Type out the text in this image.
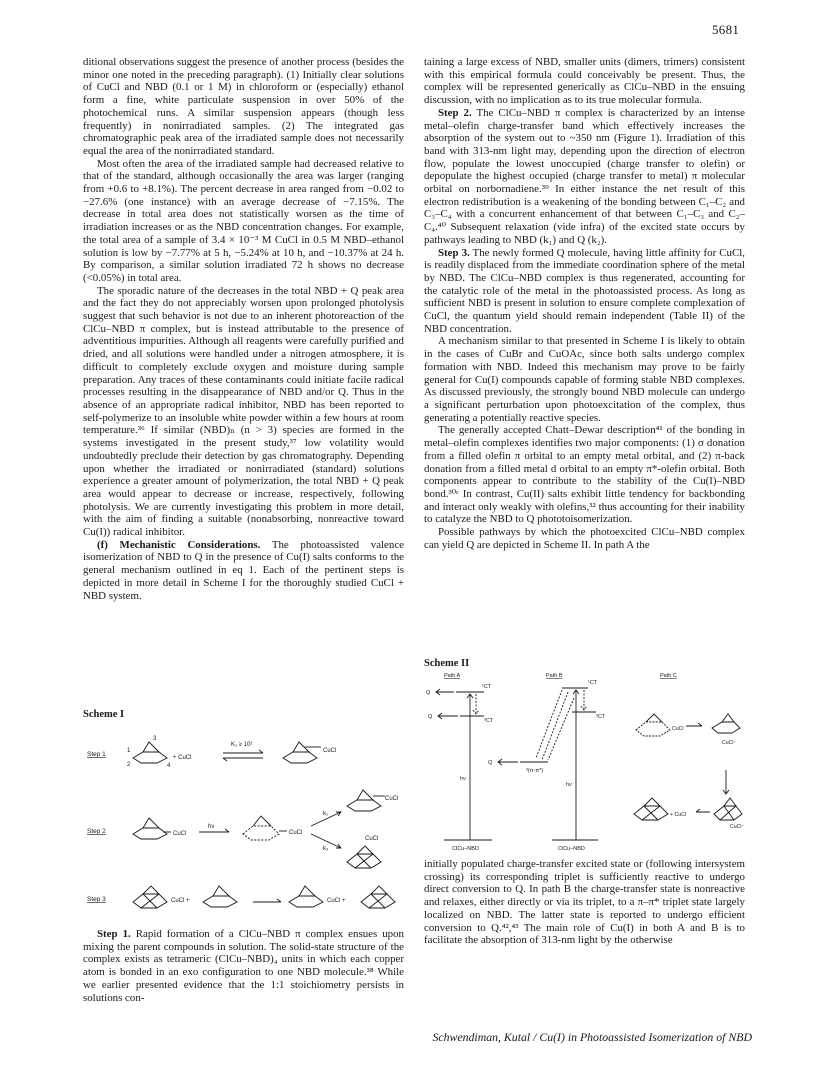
5681

ditional observations suggest the presence of another process (besides the minor one noted in the preceding paragraph). (1) Initially clear solutions of CuCl and NBD (0.1 or 1 M) in chloroform or (especially) ethanol form a fine, white particulate suspension in over 50% of the photochemical runs. A similar suspension appears (though less frequently) in nonirradiated samples. (2) The integrated gas chromatographic peak area of the irradiated sample does not necessarily equal the area of the nonirradiated standard.

Most often the area of the irradiated sample had decreased relative to that of the standard, although occasionally the area was larger (ranging from +0.6 to +8.1%). The percent decrease in area ranged from −0.02 to −27.6% (one instance) with an average decrease of −7.15%. The decrease in total area does not statistically worsen as the time of irradiation increases or as the NBD concentration changes. For example, the total area of a sample of 3.4 × 10⁻³ M CuCl in 0.5 M NBD–ethanol solution is low by −7.77% at 5 h, −5.24% at 10 h, and −10.37% at 24 h. By comparison, a similar solution irradiated 72 h shows no decrease (<0.05%) in total area.

The sporadic nature of the decreases in the total NBD + Q peak area and the fact they do not appreciably worsen upon prolonged photolysis suggest that such behavior is not due to an inherent photoreaction of the ClCu–NBD π complex, but is instead attributable to the presence of adventitious impurities. Although all reagents were carefully purified and dried, and all solutions were handled under a nitrogen atmosphere, it is difficult to completely exclude oxygen and moisture during sample preparation. Any traces of these contaminants could initiate facile radical processes resulting in the disappearance of NBD and/or Q. Thus in the absence of an appropriate radical inhibitor, NBD has been reported to self-polymerize to an insoluble white powder within a few hours at room temperature.³⁶ If similar (NBD)ₙ (n > 3) species are formed in the systems investigated in the present study,³⁷ low volatility would undoubtedly preclude their detection by gas chromatography. Depending upon whether the irradiated or nonirradiated (standard) solutions experience a greater amount of polymerization, the total NBD + Q peak area would appear to decrease or increase, respectively, following photolysis. We are currently investigating this problem in more detail, with the aim of finding a suitable (nonabsorbing, nonreactive toward Cu(I)) radical inhibitor.

(f) Mechanistic Considerations. The photoassisted valence isomerization of NBD to Q in the presence of Cu(I) salts conforms to the general mechanism outlined in eq 1. Each of the pertinent steps is depicted in more detail in Scheme I for the thoroughly studied CuCl + NBD system.

taining a large excess of NBD, smaller units (dimers, trimers) consistent with this empirical formula could conceivably be present. Thus, the complex will be represented generically as ClCu–NBD in the ensuing discussion, with no implication as to its true molecular formula.

Step 2. The ClCu–NBD π complex is characterized by an intense metal–olefin charge-transfer band which effectively increases the absorption of the system out to ~350 nm (Figure 1). Irradiation of this band with 313-nm light may, depending upon the direction of electron flow, populate the lowest unoccupied (charge transfer to olefin) or depopulate the highest occupied (charge transfer to metal) π molecular orbital on norbornadiene.³⁹ In either instance the net result of this electron redistribution is a weakening of the bonding between C₁–C₂ and C₃–C₄ with a concurrent enhancement of that between C₁–C₃ and C₂–C₄.⁴⁰ Subsequent relaxation (vide infra) of the excited state occurs by pathways leading to NBD (k₁) and Q (k₂).

Step 3. The newly formed Q molecule, having little affinity for CuCl, is readily displaced from the immediate coordination sphere of the metal by NBD. The ClCu–NBD complex is thus regenerated, accounting for the catalytic role of the metal in the photoassisted process. As long as sufficient NBD is present in solution to ensure complete complexation of CuCl, the quantum yield should remain independent (Table II) of the NBD concentration.

A mechanism similar to that presented in Scheme I is likely to obtain in the cases of CuBr and CuOAc, since both salts undergo complex formation with NBD. Indeed this mechanism may prove to be fairly general for Cu(I) compounds capable of forming stable NBD complexes. As discussed previously, the strongly bound NBD molecule can undergo a significant perturbation upon photoexcitation of the complex, thus generating a potentially reactive species.

The generally accepted Chatt–Dewar description⁴¹ of the bonding in metal–olefin complexes identifies two major components: (1) σ donation from a filled olefin π orbital to an empty metal orbital, and (2) π-back donation from a filled metal d orbital to an empty π*-olefin orbital. Both components appear to contribute to the stability of the Cu(I)–NBD bond.³⁰ᶜ In contrast, Cu(II) salts exhibit little tendency for backbonding and interact only weakly with olefins,³² thus accounting for their inability to catalyze the NBD to Q phototoisomerization.

Possible pathways by which the photoexcited ClCu–NBD complex can yield Q are depicted in Scheme II. In path A the

Scheme I
Step 1
Step 2
Step 3
1
2
3
4
+ CuCl
K₁ ≥ 10²
CuCl
CuCl
hν
CuCl
k₁
k₂
CuCl
CuCl
CuCl +	CuCl +
Scheme II
Path A	Path B	Path C
Q
Q
¹CT
³CT
hν
ClCu–NBD
Q
¹CT
³CT
³(π-π*)
hν
ClCu–NBD
CuCl
CuCl⁻
+ CuCl
CuCl⁻

Step 1. Rapid formation of a ClCu–NBD π complex ensues upon mixing the parent compounds in solution. The solid-state structure of the complex exists as tetrameric (ClCu–NBD)₄ units in which each copper atom is bonded in an exo configuration to one NBD molecule.³⁸ While we earlier presented evidence that the 1:1 stoichiometry persists in solutions con-

initially populated charge-transfer excited state or (following intersystem crossing) its corresponding triplet is sufficiently reactive to undergo direct conversion to Q. In path B the charge-transfer state is nonreactive and relaxes, either directly or via its triplet, to a π–π* triplet state largely localized on NBD. The latter state is reported to undergo efficient conversion to Q.⁴²,⁴³ The main role of Cu(I) in both A and B is to facilitate the absorption of 313-nm light by the otherwise

Schwendiman, Kutal / Cu(I) in Photoassisted Isomerization of NBD
